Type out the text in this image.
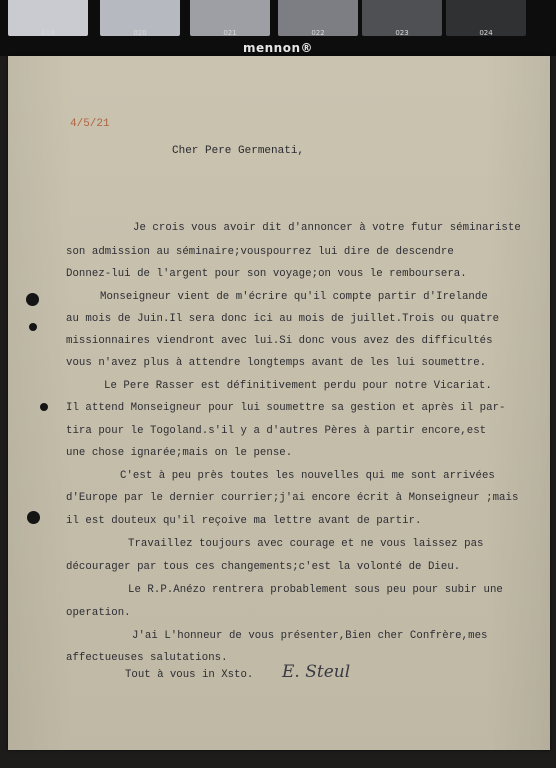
019	020	021	022	023	024
mennon®
4/5/21
Cher Pere Germenati,
Je crois vous avoir dit d'annoncer à votre futur séminariste
son admission au séminaire;vouspourrez lui dire de descendre
Donnez-lui de l'argent pour son voyage;on vous le remboursera.
Monseigneur vient de m'écrire qu'il compte partir d'Irelande
au mois de Juin.Il sera donc ici au mois de juillet.Trois ou quatre
missionnaires viendront avec lui.Si donc vous avez des difficultés
vous n'avez plus à attendre longtemps avant de les lui soumettre.
Le Pere Rasser est définitivement perdu pour notre Vicariat.
Il attend Monseigneur pour lui soumettre sa gestion et après il par-
tira pour le Togoland.s'il y a d'autres Pères à partir encore,est
une chose ignarée;mais on le pense.
C'est à peu près toutes les nouvelles qui me sont arrivées
d'Europe par le dernier courrier;j'ai encore écrit à Monseigneur ;mais
il est douteux qu'il reçoive ma lettre avant de partir.
Travaillez toujours avec courage et ne vous laissez pas
décourager par tous ces changements;c'est la volonté de Dieu.
Le R.P.Anézo rentrera probablement sous peu pour subir une
operation.
J'ai L'honneur de vous présenter,Bien cher Confrère,mes
affectueuses salutations.
Tout à vous in Xsto. E. Steul
